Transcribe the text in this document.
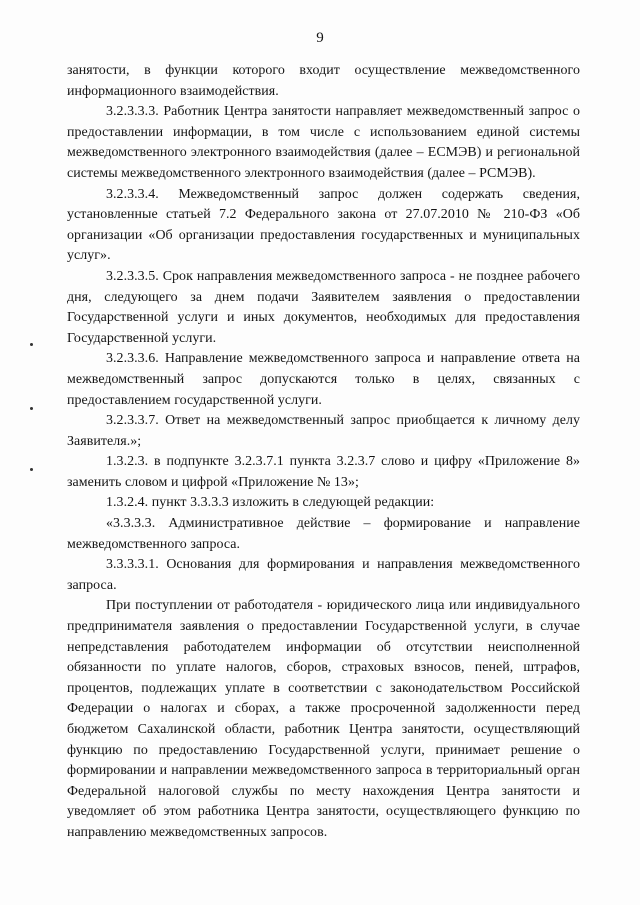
9

занятости, в функции которого входит осуществление межведомственного информационного взаимодействия.

3.2.3.3.3. Работник Центра занятости направляет межведомственный запрос о предоставлении информации, в том числе с использованием единой системы межведомственного электронного взаимодействия (далее – ЕСМЭВ) и региональной системы межведомственного электронного взаимодействия (далее – РСМЭВ).

3.2.3.3.4. Межведомственный запрос должен содержать сведения, установленные статьей 7.2 Федерального закона от 27.07.2010 № 210-ФЗ «Об организации «Об организации предоставления государственных и муниципальных услуг».

3.2.3.3.5. Срок направления межведомственного запроса - не позднее рабочего дня, следующего за днем подачи Заявителем заявления о предоставлении Государственной услуги и иных документов, необходимых для предоставления Государственной услуги.

3.2.3.3.6. Направление межведомственного запроса и направление ответа на межведомственный запрос допускаются только в целях, связанных с предоставлением государственной услуги.

3.2.3.3.7. Ответ на межведомственный запрос приобщается к личному делу Заявителя.»;

1.3.2.3. в подпункте 3.2.3.7.1 пункта 3.2.3.7 слово и цифру «Приложение 8» заменить словом и цифрой «Приложение № 13»;

1.3.2.4. пункт 3.3.3.3 изложить в следующей редакции:

«3.3.3.3. Административное действие – формирование и направление межведомственного запроса.

3.3.3.3.1. Основания для формирования и направления межведомственного запроса.

При поступлении от работодателя - юридического лица или индивидуального предпринимателя заявления о предоставлении Государственной услуги, в случае непредставления работодателем информации об отсутствии неисполненной обязанности по уплате налогов, сборов, страховых взносов, пеней, штрафов, процентов, подлежащих уплате в соответствии с законодательством Российской Федерации о налогах и сборах, а также просроченной задолженности перед бюджетом Сахалинской области, работник Центра занятости, осуществляющий функцию по предоставлению Государственной услуги, принимает решение о формировании и направлении межведомственного запроса в территориальный орган Федеральной налоговой службы по месту нахождения Центра занятости и уведомляет об этом работника Центра занятости, осуществляющего функцию по направлению межведомственных запросов.
